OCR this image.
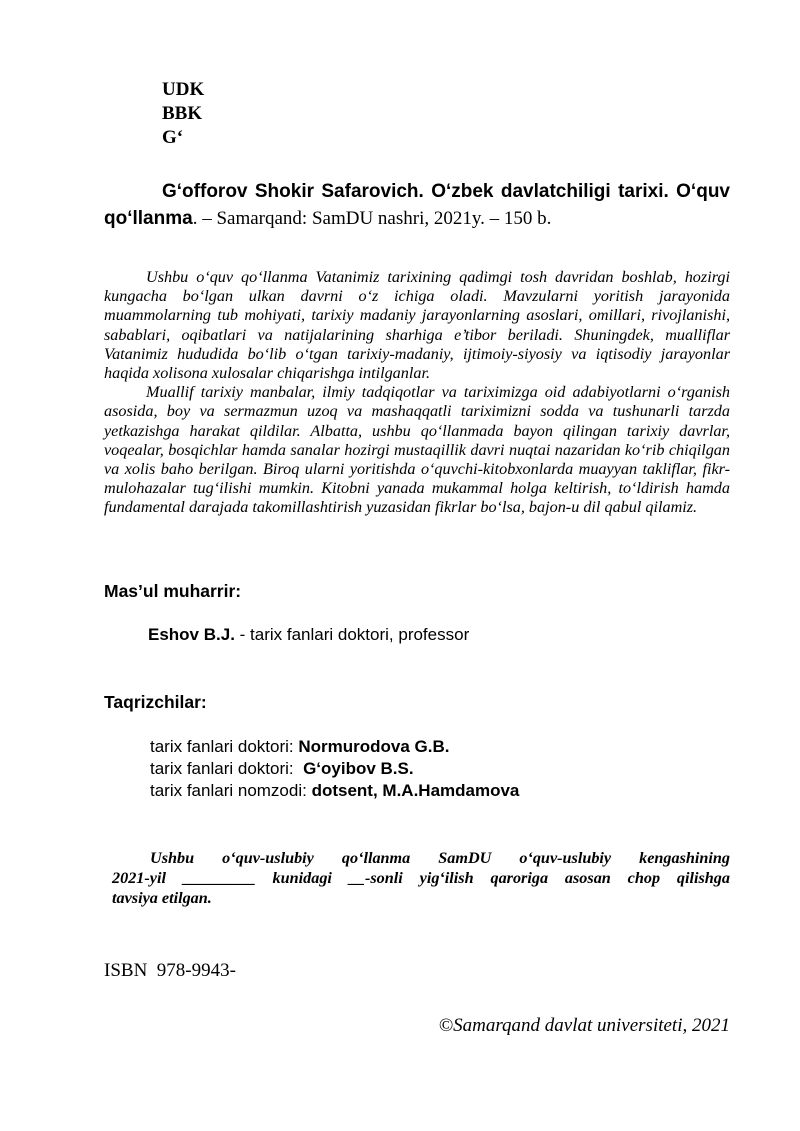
UDK
BBK
G‘
G‘offorov Shokir Safarovich. O‘zbek davlatchiligi tarixi. O‘quv qo‘llanma. – Samarqand: SamDU nashri, 2021y. – 150 b.

Ushbu o‘quv qo‘llanma Vatanimiz tarixining qadimgi tosh davridan boshlab, hozirgi kungacha bo‘lgan ulkan davrni o‘z ichiga oladi. Mavzularni yoritish jarayonida muammolarning tub mohiyati, tarixiy madaniy jarayonlarning asoslari, omillari, rivojlanishi, sabablari, oqibatlari va natijalarining sharhiga e’tibor beriladi. Shuningdek, mualliflar Vatanimiz hududida bo‘lib o‘tgan tarixiy-madaniy, ijtimoiy-siyosiy va iqtisodiy jarayonlar haqida xolisona xulosalar chiqarishga intilganlar.

Muallif tarixiy manbalar, ilmiy tadqiqotlar va tariximizga oid adabiyotlarni o‘rganish asosida, boy va sermazmun uzoq va mashaqqatli tariximizni sodda va tushunarli tarzda yetkazishga harakat qildilar. Albatta, ushbu qo‘llanmada bayon qilingan tarixiy davrlar, voqealar, bosqichlar hamda sanalar hozirgi mustaqillik davri nuqtai nazaridan ko‘rib chiqilgan va xolis baho berilgan. Biroq ularni yoritishda o‘quvchi-kitobxonlarda muayyan takliflar, fikr-mulohazalar tug‘ilishi mumkin. Kitobni yanada mukammal holga keltirish, to‘ldirish hamda fundamental darajada takomillashtirish yuzasidan fikrlar bo‘lsa, bajon-u dil qabul qilamiz.

Mas’ul muharrir:
Eshov B.J. - tarix fanlari doktori, professor
Taqrizchilar:
tarix fanlari doktori: Normurodova G.B.
tarix fanlari doktori:  G‘oyibov B.S.
tarix fanlari nomzodi: dotsent, M.A.Hamdamova
Ushbu o‘quv-uslubiy qo‘llanma SamDU o‘quv-uslubiy kengashining
2021-yil _________ kunidagi __-sonli yig‘ilish qaroriga asosan chop qilishga
tavsiya etilgan.
ISBN  978-9943-
©Samarqand davlat universiteti, 2021
